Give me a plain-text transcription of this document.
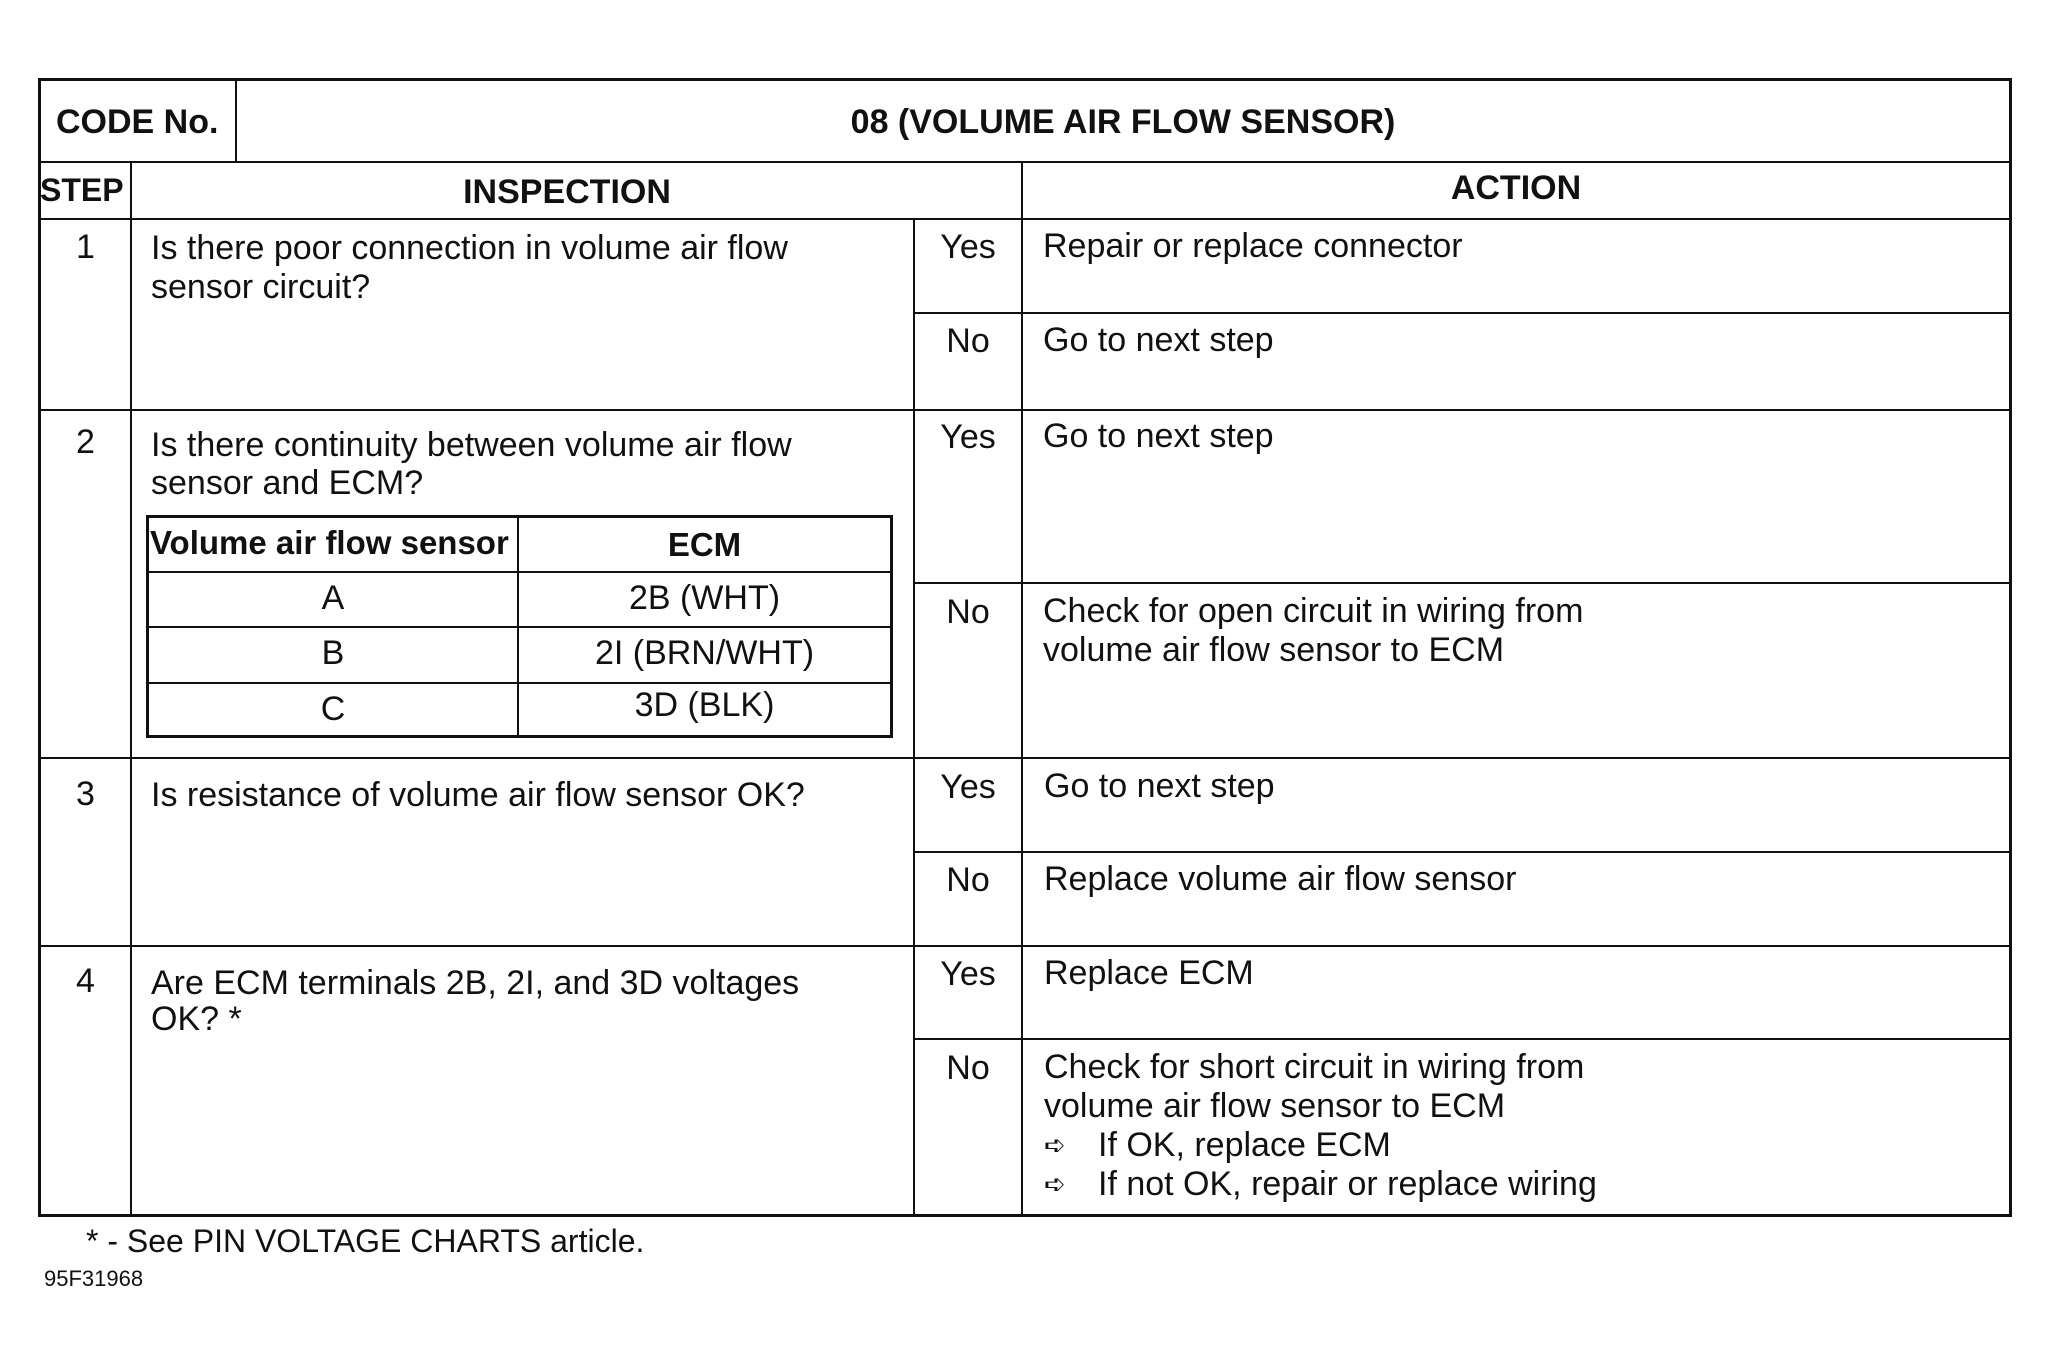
CODE No.	08 (VOLUME AIR FLOW SENSOR)
STEP	INSPECTION	ACTION
1	Is there poor connection in volume air flow
sensor circuit?
Yes	Repair or replace connector
No	Go to next step
2	Is there continuity between volume air flow
sensor and ECM?
Volume air flow sensor	ECM
A	2B (WHT)
B	2I (BRN/WHT)
C	3D (BLK)
Yes	Go to next step
No	Check for open circuit in wiring from
volume air flow sensor to ECM
3	Is resistance of volume air flow sensor OK?	Yes	Go to next step
No	Replace volume air flow sensor
4	Are ECM terminals 2B, 2I, and 3D voltages
OK? *
Yes	Replace ECM
No	Check for short circuit in wiring from
volume air flow sensor to ECM
➪ If OK, replace ECM
➪ If not OK, repair or replace wiring
* - See PIN VOLTAGE CHARTS article.
95F31968
